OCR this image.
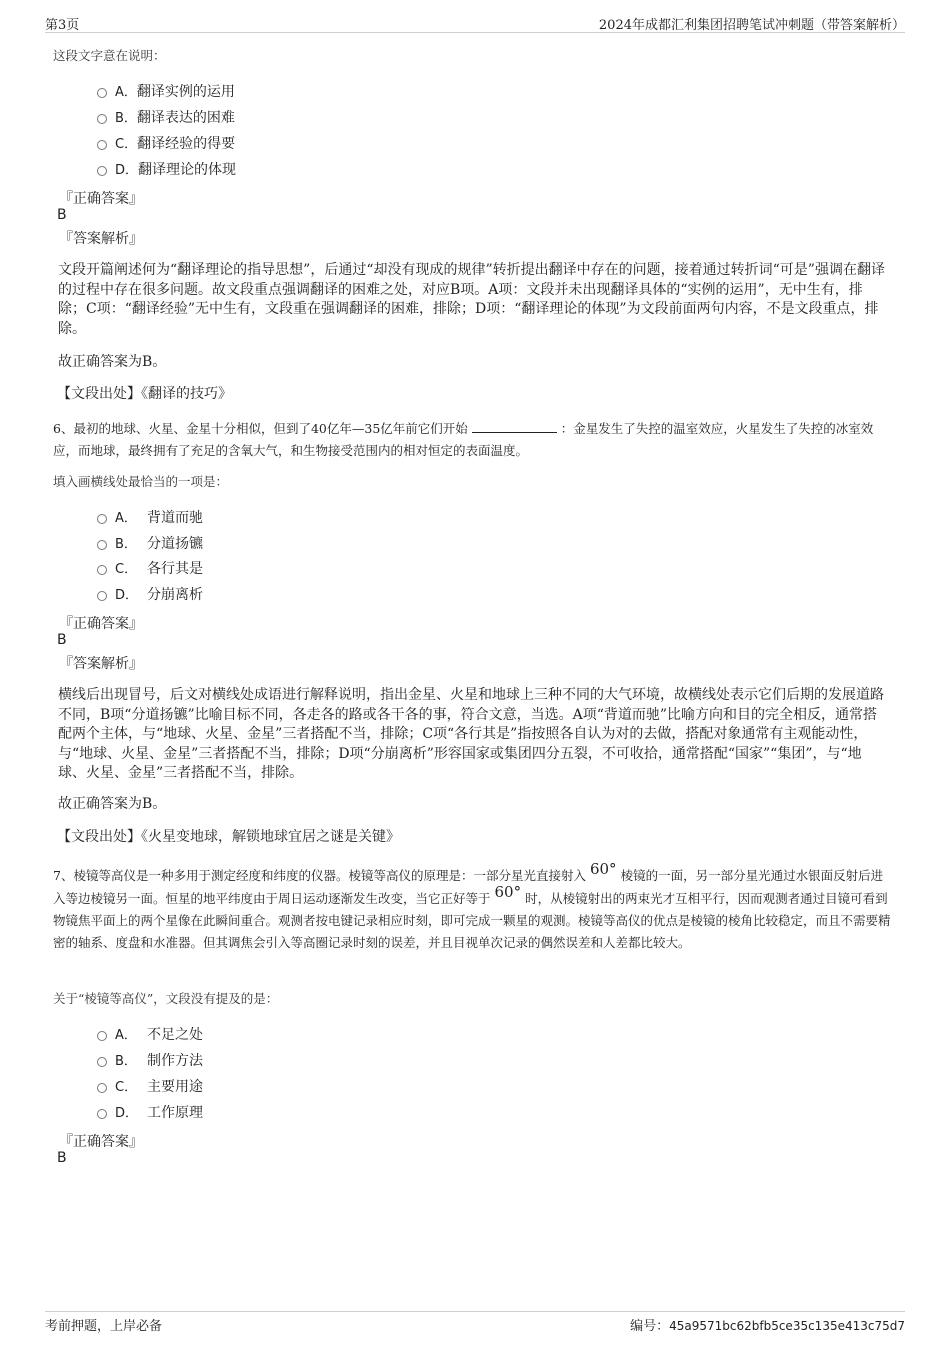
第3页	2024年成都汇利集团招聘笔试冲刺题（带答案解析）
这段文字意在说明：
A．翻译实例的运用
B．翻译表达的困难
C．翻译经验的得要
D．翻译理论的体现
『正确答案』
B
『答案解析』
文段开篇阐述何为“翻译理论的指导思想”，后通过“却没有现成的规律”转折提出翻译中存在的问题，接着通过转折词“可是”强调在翻译的过程中存在很多问题。故文段重点强调翻译的困难之处，对应B项。A项：文段并未出现翻译具体的“实例的运用”，无中生有，排除；C项：“翻译经验”无中生有，文段重在强调翻译的困难，排除；D项：“翻译理论的体现”为文段前面两句内容，不是文段重点，排除。
故正确答案为B。
【文段出处】《翻译的技巧》
6、最初的地球、火星、金星十分相似，但到了40亿年—35亿年前它们开始	：金星发生了失控的温室效应，火星发生了失控的冰室效应，而地球，最终拥有了充足的含氧大气，和生物接受范围内的相对恒定的表面温度。
填入画横线处最恰当的一项是：
A． 背道而驰
B． 分道扬镳
C． 各行其是
D． 分崩离析
『正确答案』
B
『答案解析』
横线后出现冒号，后文对横线处成语进行解释说明，指出金星、火星和地球上三种不同的大气环境，故横线处表示它们后期的发展道路不同，B项“分道扬镳”比喻目标不同，各走各的路或各干各的事，符合文意，当选。A项“背道而驰”比喻方向和目的完全相反，通常搭配两个主体，与“地球、火星、金星”三者搭配不当，排除；C项“各行其是”指按照各自认为对的去做，搭配对象通常有主观能动性，与“地球、火星、金星”三者搭配不当，排除；D项“分崩离析”形容国家或集团四分五裂，不可收拾，通常搭配“国家”“集团”，与“地球、火星、金星”三者搭配不当，排除。
故正确答案为B。
【文段出处】《火星变地球，解锁地球宜居之谜是关键》
7、棱镜等高仪是一种多用于测定经度和纬度的仪器。棱镜等高仪的原理是：一部分星光直接射入 60° 棱镜的一面，另一部分星光通过水银面反射后进入等边棱镜另一面。恒星的地平纬度由于周日运动逐渐发生改变，当它正好等于 60° 时，从棱镜射出的两束光才互相平行，因而观测者通过目镜可看到物镜焦平面上的两个星像在此瞬间重合。观测者按电键记录相应时刻，即可完成一颗星的观测。棱镜等高仪的优点是棱镜的棱角比较稳定，而且不需要精密的轴系、度盘和水准器。但其调焦会引入等高圈记录时刻的误差，并且目视单次记录的偶然误差和人差都比较大。
关于“棱镜等高仪”，文段没有提及的是：
A． 不足之处
B． 制作方法
C． 主要用途
D． 工作原理
『正确答案』
B
考前押题，上岸必备	编号：45a9571bc62bfb5ce35c135e413c75d7
